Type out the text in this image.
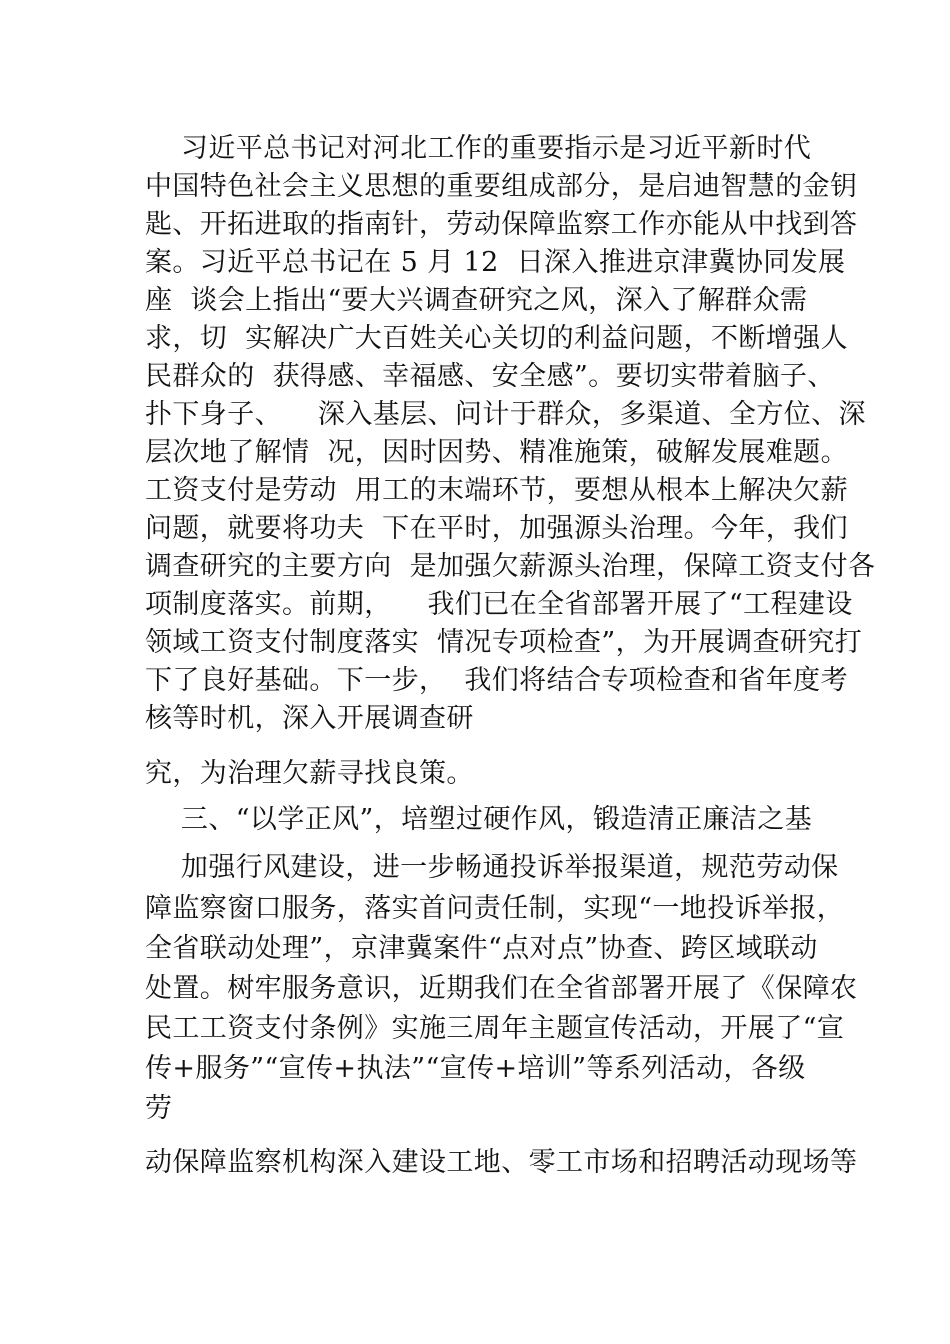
习近平总书记对河北工作的重要指示是习近平新时代

中国特色社会主义思想的重要组成部分，是启迪智慧的金钥

匙、开拓进取的指南针，劳动保障监察工作亦能从中找到答

案。习近平总书记在 5 月 12  日深入推进京津冀协同发展

座  谈会上指出“要大兴调查研究之风，深入了解群众需

求，切  实解决广大百姓关心关切的利益问题，不断增强人

民群众的  获得感、幸福感、安全感”。要切实带着脑子、

扑下身子、    深入基层、问计于群众，多渠道、全方位、深

层次地了解情  况，因时因势、精准施策，破解发展难题。

工资支付是劳动  用工的末端环节，要想从根本上解决欠薪

问题，就要将功夫  下在平时，加强源头治理。今年，我们

调查研究的主要方向  是加强欠薪源头治理，保障工资支付各

项制度落实。前期，    我们已在全省部署开展了“工程建设

领域工资支付制度落实  情况专项检查”，为开展调查研究打

下了良好基础。下一步，  我们将结合专项检查和省年度考

核等时机，深入开展调查研

究，为治理欠薪寻找良策。

三、“以学正风”，培塑过硬作风，锻造清正廉洁之基

加强行风建设，进一步畅通投诉举报渠道，规范劳动保

障监察窗口服务，落实首问责任制，实现“一地投诉举报，

全省联动处理”，京津冀案件“点对点”协查、跨区域联动

处置。树牢服务意识，近期我们在全省部署开展了《保障农

民工工资支付条例》实施三周年主题宣传活动，开展了“宣

传+服务”“宣传+执法”“宣传+培训”等系列活动，各级

劳

动保障监察机构深入建设工地、零工市场和招聘活动现场等
